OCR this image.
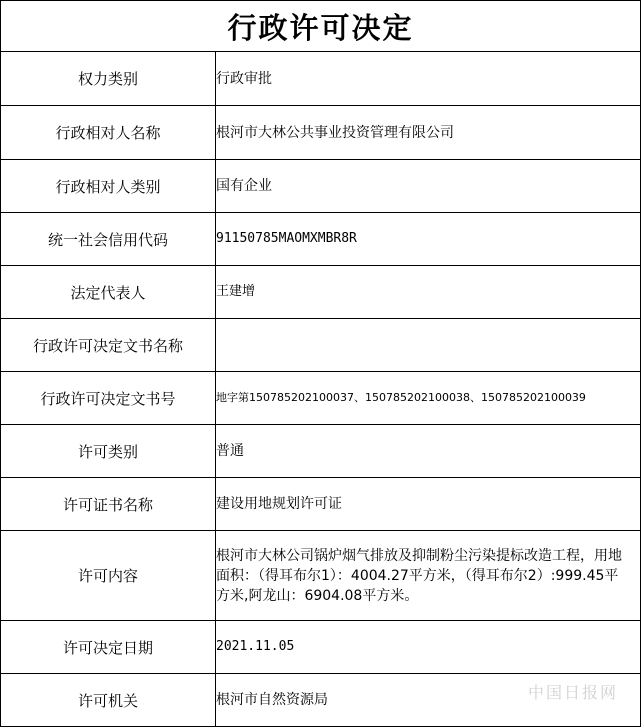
行政许可决定
权力类别	行政审批
行政相对人名称	根河市大林公共事业投资管理有限公司
行政相对人类别	国有企业
统一社会信用代码	91150785MAOMXMBR8R
法定代表人	王建增
行政许可决定文书名称	
行政许可决定文书号	地字第150785202100037、150785202100038、150785202100039
许可类别	普通
许可证书名称	建设用地规划许可证
许可内容	根河市大林公司锅炉烟气排放及抑制粉尘污染提标改造工程，用地面积：（得耳布尔1）：4004.27平方米，（得耳布尔2）:999.45平方米,阿龙山：6904.08平方米。
许可决定日期	2021.11.05
许可机关	根河市自然资源局	中国日报网
